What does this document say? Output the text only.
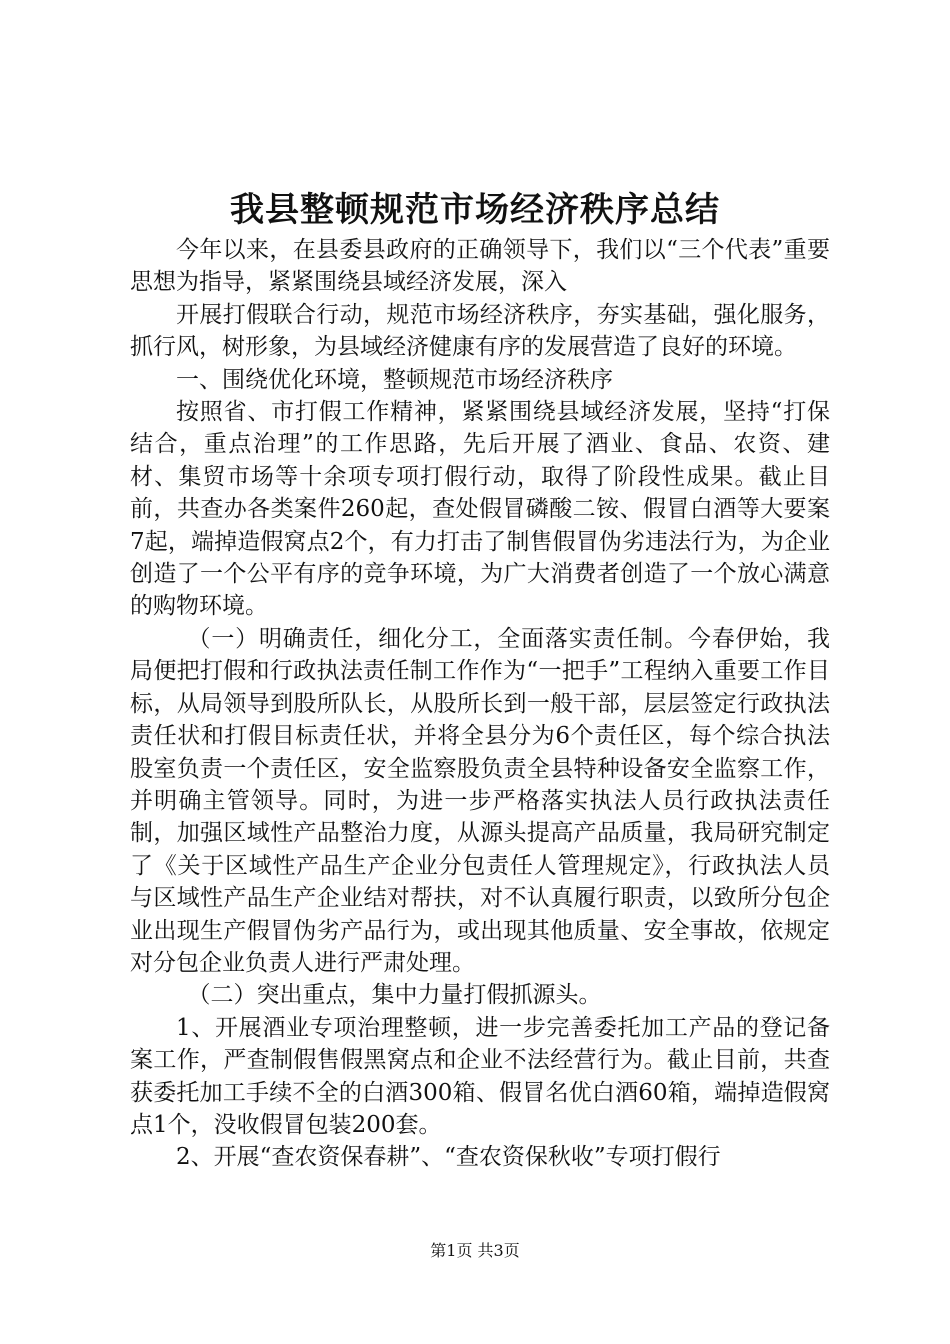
我县整顿规范市场经济秩序总结

今年以来，在县委县政府的正确领导下，我们以“三个代表”重要思想为指导，紧紧围绕县域经济发展，深入

开展打假联合行动，规范市场经济秩序，夯实基础，强化服务，抓行风，树形象，为县域经济健康有序的发展营造了良好的环境。

一、围绕优化环境，整顿规范市场经济秩序

按照省、市打假工作精神，紧紧围绕县域经济发展，坚持“打保结合，重点治理”的工作思路，先后开展了酒业、食品、农资、建材、集贸市场等十余项专项打假行动，取得了阶段性成果。截止目前，共查办各类案件260起，查处假冒磷酸二铵、假冒白酒等大要案7起，端掉造假窝点2个，有力打击了制售假冒伪劣违法行为，为企业创造了一个公平有序的竞争环境，为广大消费者创造了一个放心满意的购物环境。

（一）明确责任，细化分工，全面落实责任制。今春伊始，我局便把打假和行政执法责任制工作作为“一把手”工程纳入重要工作目标，从局领导到股所队长，从股所长到一般干部，层层签定行政执法责任状和打假目标责任状，并将全县分为6个责任区，每个综合执法股室负责一个责任区，安全监察股负责全县特种设备安全监察工作，并明确主管领导。同时，为进一步严格落实执法人员行政执法责任制，加强区域性产品整治力度，从源头提高产品质量，我局研究制定了《关于区域性产品生产企业分包责任人管理规定》，行政执法人员与区域性产品生产企业结对帮扶，对不认真履行职责，以致所分包企业出现生产假冒伪劣产品行为，或出现其他质量、安全事故，依规定对分包企业负责人进行严肃处理。

（二）突出重点，集中力量打假抓源头。

1、开展酒业专项治理整顿，进一步完善委托加工产品的登记备案工作，严查制假售假黑窝点和企业不法经营行为。截止目前，共查获委托加工手续不全的白酒300箱、假冒名优白酒60箱，端掉造假窝点1个，没收假冒包装200套。

2、开展“查农资保春耕”、“查农资保秋收”专项打假行

第1页 共3页
